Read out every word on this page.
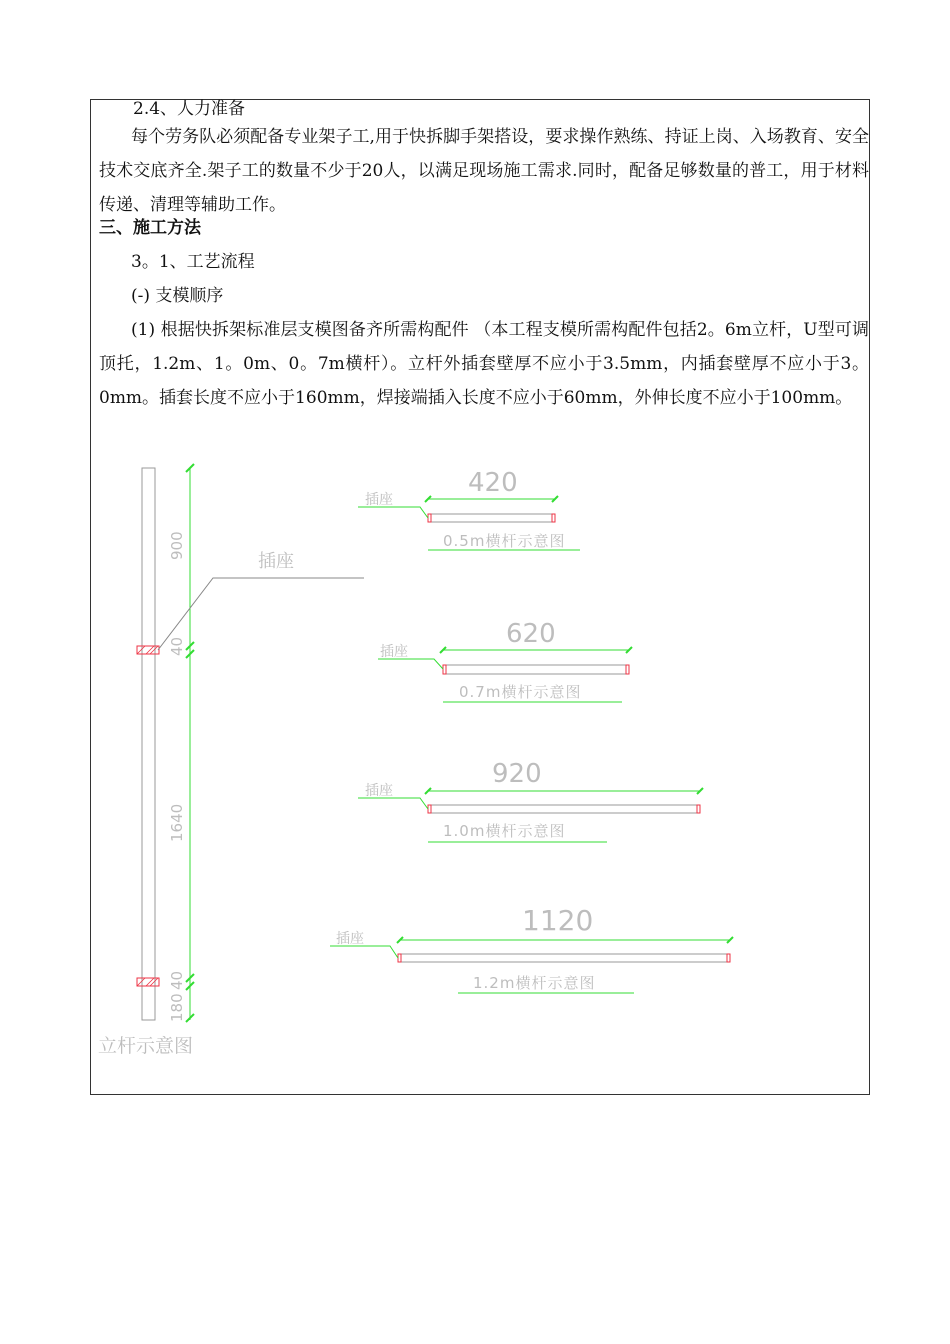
2.4、人力准备
每个劳务队必须配备专业架子工,用于快拆脚手架搭设，要求操作熟练、持证上岗、入场教育、安全技术交底齐全.架子工的数量不少于20人，以满足现场施工需求.同时，配备足够数量的普工，用于材料传递、清理等辅助工作。
三、施工方法
3。1、工艺流程
(-) 支模顺序
(1) 根据快拆架标准层支模图备齐所需构配件 （本工程支模所需构配件包括2。6m立杆，U型可调顶托，1.2m、1。0m、0。7m横杆）。立杆外插套壁厚不应小于3.5mm，内插套壁厚不应小于3。0mm。插套长度不应小于160mm，焊接端插入长度不应小于60mm，外伸长度不应小于100mm。
900
40
1640
40
180
插座
立杆示意图
420
插座
0.5m横杆示意图
620
插座
0.7m横杆示意图
920
插座
1.0m横杆示意图
1120
插座
1.2m横杆示意图
